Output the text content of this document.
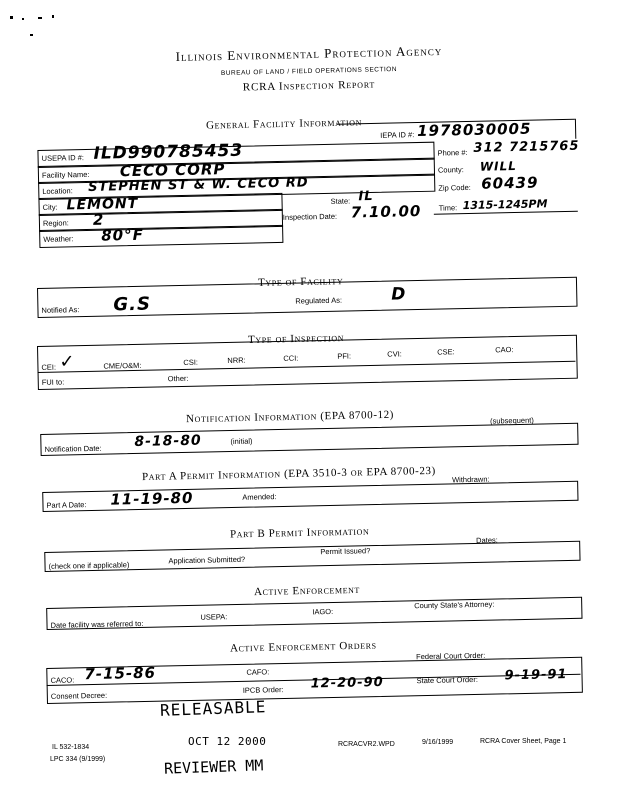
Illinois Environmental Protection Agency
BUREAU OF LAND / FIELD OPERATIONS SECTION
RCRA Inspection Report
General Facility Information
USEPA ID #: ILD990785453
IEPA ID #: 1978030005
Phone #: 312 7215765
Facility Name: CECO CORP	County: WILL
Location: STEPHEN ST & W. CECO RD	Zip Code: 60439
City: LEMONT	State: IL
Region: 2	Inspection Date: 7.10.00 Time: 1315-1245PM
Weather: 80°F
Type of Facility
Notified As: G.S	Regulated As:	D
Type of Inspection
CEI: ✓	CME/O&M:	CSI:	NRR:	CCI:	PFI:	CVI:	CSE:	CAO:
FUI to:	Other:
Notification Information (EPA 8700-12)	(subsequent)
Notification Date: 8-18-80	(initial)
Part A Permit Information (EPA 3510-3 or EPA 8700-23) Withdrawn:
Part A Date: 11-19-80	Amended:
Part B Permit Information	Dates:
(check one if applicable)
Application Submitted?
Permit Issued?
Active Enforcement
County State's Attorney:
Date facility was referred to:
USEPA:
IAGO:
Active Enforcement Orders
Federal Court Order:
CACO: 7-15-86	CAFO:
State Court Order: 9-19-91
IPCB Order: 12-20-90
Consent Decree:
RELEASABLE
OCT 12 2000
REVIEWER MM
IL 532-1834
LPC 334 (9/1999)
RCRACVR2.WPD	9/16/1999	RCRA Cover Sheet, Page 1
